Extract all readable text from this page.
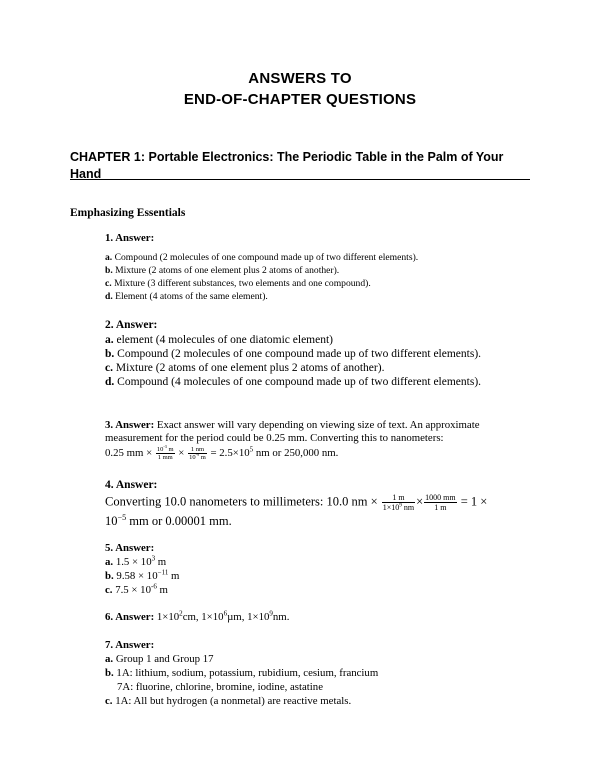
ANSWERS TO
END-OF-CHAPTER QUESTIONS
CHAPTER 1: Portable Electronics: The Periodic Table in the Palm of Your Hand
Emphasizing Essentials
1. Answer:
a. Compound (2 molecules of one compound made up of two different elements).
b. Mixture (2 atoms of one element plus 2 atoms of another).
c. Mixture (3 different substances, two elements and one compound).
d. Element (4 atoms of the same element).
2. Answer:
a. element (4 molecules of one diatomic element)
b. Compound (2 molecules of one compound made up of two different elements).
c. Mixture (2 atoms of one element plus 2 atoms of another).
d. Compound (4 molecules of one compound made up of two different elements).
3. Answer: Exact answer will vary depending on viewing size of text. An approximate
measurement for the period could be 0.25 mm. Converting this to nanometers:
0.25 mm × $\frac{10^{-3} m}{1 mm} \times \frac{1 nm}{10^{-9} m} = 2.5\times 10^5$ nm or 250,000 nm.
4. Answer:
Converting 10.0 nanometers to millimeters: 10.0 nm × $\frac{1 m}{1\times 10^9 nm} \times \frac{1000 mm}{1 m} = 1$ ×
$10^{-5}$ mm or 0.00001 mm.
5. Answer:
a. $1.5 \times 10^3$ m
b. $9.58 \times 10^{-11}$ m
c. $7.5 \times 10^{-6}$ m
6. Answer: $1\times 10^2cm$, $1\times 10^6\mu m$, $1\times 10^9nm$.
7. Answer:
a. Group 1 and Group 17
b. 1A: lithium, sodium, potassium, rubidium, cesium, francium
7A: fluorine, chlorine, bromine, iodine, astatine
c. 1A: All but hydrogen (a nonmetal) are reactive metals.
